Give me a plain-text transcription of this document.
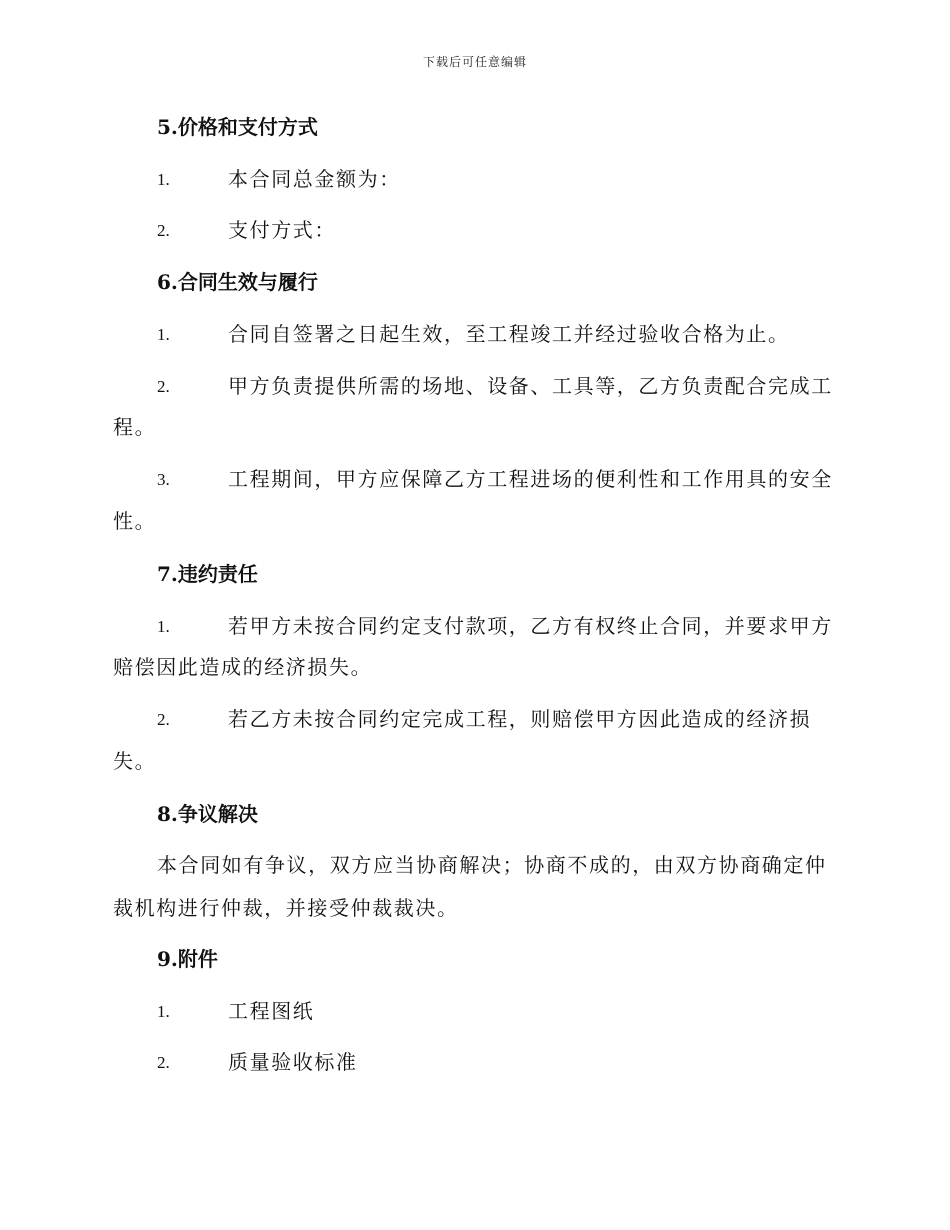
下载后可任意编辑
5.价格和支付方式
1.	本合同总金额为：
2.	支付方式：
6.合同生效与履行
1.	合同自签署之日起生效，至工程竣工并经过验收合格为止。
2.	甲方负责提供所需的场地、设备、工具等，乙方负责配合完成工
程。
3.	工程期间，甲方应保障乙方工程进场的便利性和工作用具的安全
性。
7.违约责任
1.	若甲方未按合同约定支付款项，乙方有权终止合同，并要求甲方
赔偿因此造成的经济损失。
2.	若乙方未按合同约定完成工程，则赔偿甲方因此造成的经济损
失。
8.争议解决
本合同如有争议，双方应当协商解决；协商不成的，由双方协商确定仲
裁机构进行仲裁，并接受仲裁裁决。
9.附件
1.	工程图纸
2.	质量验收标准
